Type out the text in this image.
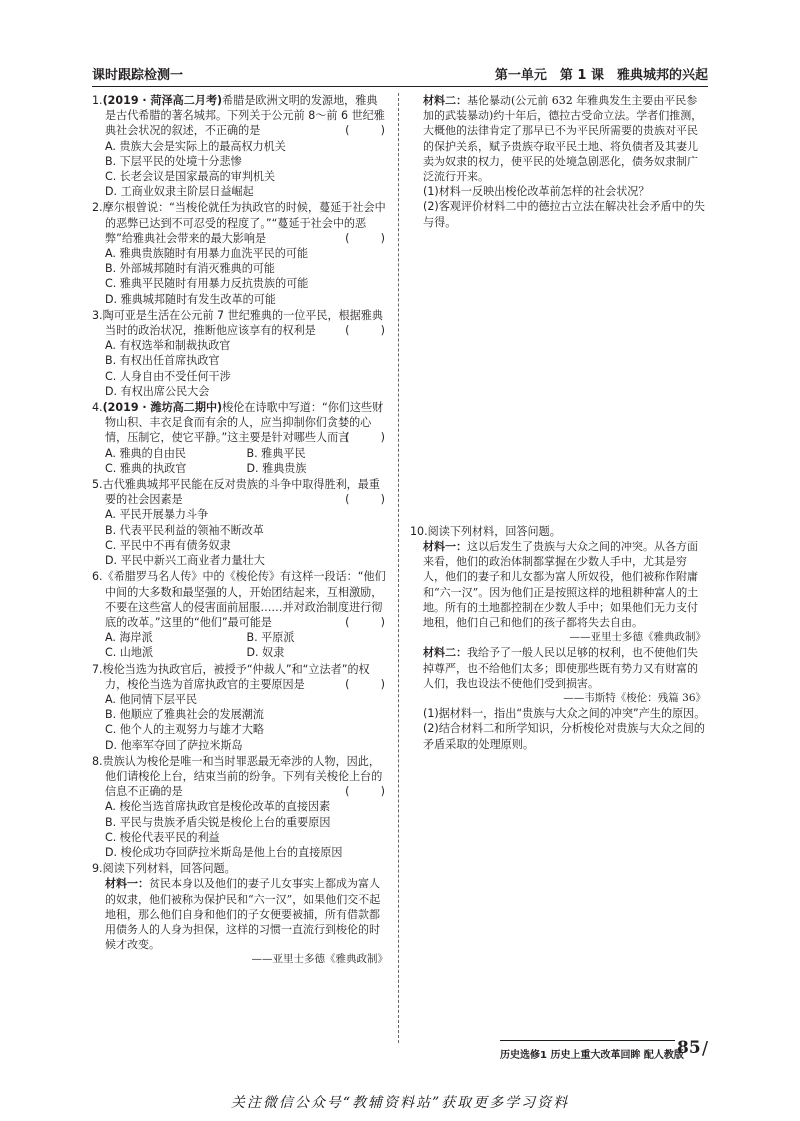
课时跟踪检测一	第一单元　第 1 课　雅典城邦的兴起
1.(2019 · 菏泽高二月考)希腊是欧洲文明的发源地，雅典是古代希腊的著名城邦。下列关于公元前 8～前 6 世纪雅典社会状况的叙述，不正确的是	(　　)
A. 贵族大会是实际上的最高权力机关
B. 下层平民的处境十分悲惨
C. 长老会议是国家最高的审判机关
D. 工商业奴隶主阶层日益崛起
2.摩尔根曾说：“当梭伦就任为执政官的时候，蔓延于社会中的恶弊已达到不可忍受的程度了。”“蔓延于社会中的恶弊”给雅典社会带来的最大影响是	(　　)
A. 雅典贵族随时有用暴力血洗平民的可能
B. 外部城邦随时有消灭雅典的可能
C. 雅典平民随时有用暴力反抗贵族的可能
D. 雅典城邦随时有发生改革的可能
3.陶可亚是生活在公元前 7 世纪雅典的一位平民，根据雅典当时的政治状况，推断他应该享有的权利是	(　　)
A. 有权选举和制裁执政官
B. 有权出任首席执政官
C. 人身自由不受任何干涉
D. 有权出席公民大会
4.(2019 · 潍坊高二期中)梭伦在诗歌中写道：“你们这些财物山积、丰衣足食而有余的人，应当抑制你们贪婪的心情，压制它，使它平静。”这主要是针对哪些人而言
(　　)
A. 雅典的自由民	B. 雅典平民
C. 雅典的执政官	D. 雅典贵族
5.古代雅典城邦平民能在反对贵族的斗争中取得胜利，最重要的社会因素是	(　　)
A. 平民开展暴力斗争
B. 代表平民利益的领袖不断改革
C. 平民中不再有债务奴隶
D. 平民中新兴工商业者力量壮大
6.《希腊罗马名人传》中的《梭伦传》有这样一段话：“他们中间的大多数和最坚强的人，开始团结起来，互相激励，不要在这些富人的侵害面前屈服……并对政治制度进行彻底的改革。”这里的“他们”最可能是	(　　)
A. 海岸派	B. 平原派
C. 山地派	D. 奴隶
7.梭伦当选为执政官后，被授予“仲裁人”和“立法者”的权力，梭伦当选为首席执政官的主要原因是	(　　)
A. 他同情下层平民
B. 他顺应了雅典社会的发展潮流
C. 他个人的主观努力与雄才大略
D. 他率军夺回了萨拉米斯岛
8.贵族认为梭伦是唯一和当时罪恶最无牵涉的人物，因此，他们请梭伦上台，结束当前的纷争。下列有关梭伦上台的信息不正确的是	(　　)
A. 梭伦当选首席执政官是梭伦改革的直接因素
B. 平民与贵族矛盾尖锐是梭伦上台的重要原因
C. 梭伦代表平民的利益
D. 梭伦成功夺回萨拉米斯岛是他上台的直接原因
9.阅读下列材料，回答问题。
材料一：贫民本身以及他们的妻子儿女事实上都成为富人的奴隶，他们被称为保护民和“六一汉”，如果他们交不起地租，那么他们自身和他们的子女便要被捕，所有借款都用债务人的人身为担保，这样的习惯一直流行到梭伦的时候才改变。
——亚里士多德《雅典政制》
材料二：基伦暴动(公元前 632 年雅典发生主要由平民参加的武装暴动)约十年后，德拉古受命立法。学者们推测，大概他的法律肯定了那早已不为平民所需要的贵族对平民的保护关系，赋予贵族夺取平民土地、将负债者及其妻儿卖为奴隶的权力，使平民的处境急剧恶化，债务奴隶制广泛流行开来。
(1)材料一反映出梭伦改革前怎样的社会状况？
(2)客观评价材料二中的德拉古立法在解决社会矛盾中的失与得。
10.阅读下列材料，回答问题。
材料一：这以后发生了贵族与大众之间的冲突。从各方面来看，他们的政治体制都掌握在少数人手中，尤其是穷人，他们的妻子和儿女都为富人所奴役，他们被称作附庸和“六一汉”。因为他们正是按照这样的地租耕种富人的土地。所有的土地都控制在少数人手中；如果他们无力支付地租，他们自己和他们的孩子都将失去自由。
——亚里士多德《雅典政制》
材料二：我给予了一般人民以足够的权利，也不使他们失掉尊严，也不给他们太多；即使那些既有势力又有财富的人们，我也设法不使他们受到损害。
——韦斯特《梭伦：残篇 36》
(1)据材料一，指出“贵族与大众之间的冲突”产生的原因。
(2)结合材料二和所学知识，分析梭伦对贵族与大众之间的矛盾采取的处理原则。
历史选修1 历史上重大改革回眸 配人教版
85 /
关注微信公众号“教辅资料站”获取更多学习资料
